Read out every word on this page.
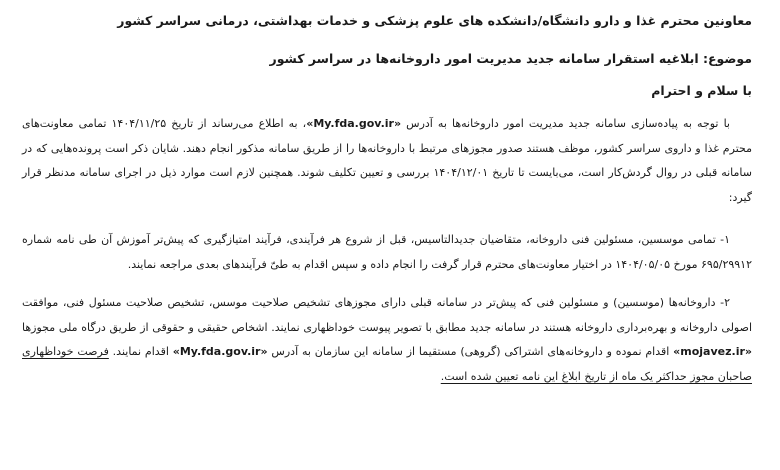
معاونین محترم غذا و دارو دانشگاه/دانشکده های علوم پزشکی و خدمات بهداشتی، درمانی سراسر کشور

موضوع: ابلاغیه استقرار سامانه جدید مدیریت امور داروخانه‌ها در سراسر کشور
با سلام و احترام

با توجه به پیاده‌سازی سامانه جدید مدیریت امور داروخانه‌ها به آدرس «My.fda.gov.ir»، به اطلاع می‌رساند از تاریخ ۱۴۰۴/۱۱/۲۵ تمامی معاونت‌های محترم غذا و داروی سراسر کشور، موظف هستند صدور مجوزهای مرتبط با داروخانه‌ها را از طریق سامانه مذکور انجام دهند. شایان ذکر است پرونده‌هایی که در سامانه قبلی در روال گردش‌کار است، می‌بایست تا تاریخ ۱۴۰۴/۱۲/۰۱ بررسی و تعیین تکلیف شوند. همچنین لازم است موارد ذیل در اجرای سامانه مدنظر قرار گیرد:

۱- تمامی موسسین، مسئولین فنی داروخانه، متقاضیان جدیدالتاسیس، قبل از شروع هر فرآیندی، فرآیند امتیازگیری که پیش‌تر آموزش آن طی نامه شماره ۶۹۵/۲۹۹۱۲ مورخ ۱۴۰۴/۰۵/۰۵ در اختیار معاونت‌های محترم قرار گرفت را انجام داده و سپس اقدام به طیّ فرآیندهای بعدی مراجعه نمایند.

۲- داروخانه‌ها (موسسین) و مسئولین فنی که پیش‌تر در سامانه قبلی دارای مجوزهای تشخیص صلاحیت موسس، تشخیص صلاحیت مسئول فنی، موافقت اصولی داروخانه و بهره‌برداری داروخانه هستند در سامانه جدید مطابق با تصویر پیوست خوداظهاری نمایند. اشخاص حقیقی و حقوقی از طریق درگاه ملی مجوزها «mojavez.ir» اقدام نموده و داروخانه‌های اشتراکی (گروهی) مستقیما از سامانه این سازمان به آدرس «My.fda.gov.ir» اقدام نمایند. فرصت خوداظهاری صاحبان مجوز حداکثر یک ماه از تاریخ ابلاغ این نامه تعیین شده است.
